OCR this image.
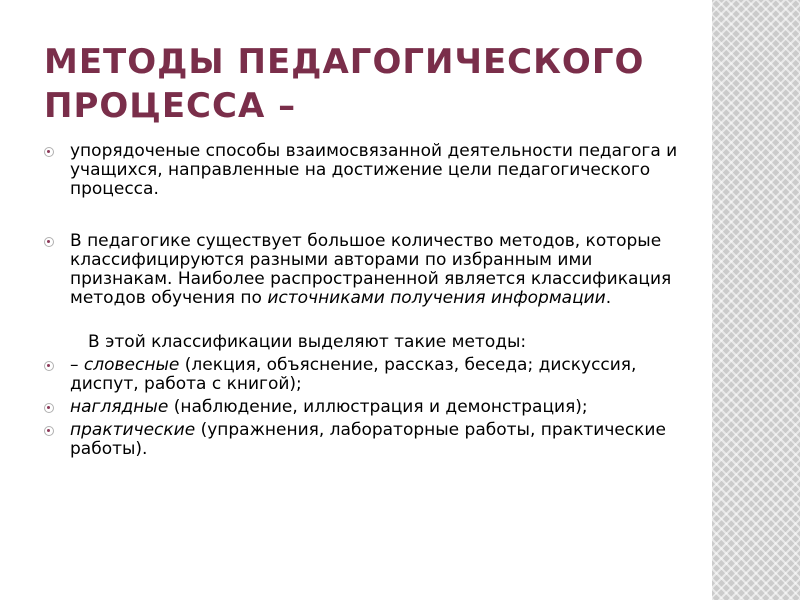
МЕТОДЫ ПЕДАГОГИЧЕСКОГО
ПРОЦЕССА –
упорядоченые способы взаимосвязанной деятельности педагога и учащихся, направленные на достижение цели педагогического процесса.
В педагогике существует большое количество методов, которые классифицируются разными авторами по избранным ими признакам. Наиболее распространенной является классификация методов обучения по источниками получения информации.
В этой классификации выделяют такие методы:
– словесные (лекция, объяснение, рассказ, беседа; дискуссия, диспут, работа с книгой);
наглядные (наблюдение, иллюстрация и демонстрация);
практические (упражнения, лабораторные работы, практические работы).
